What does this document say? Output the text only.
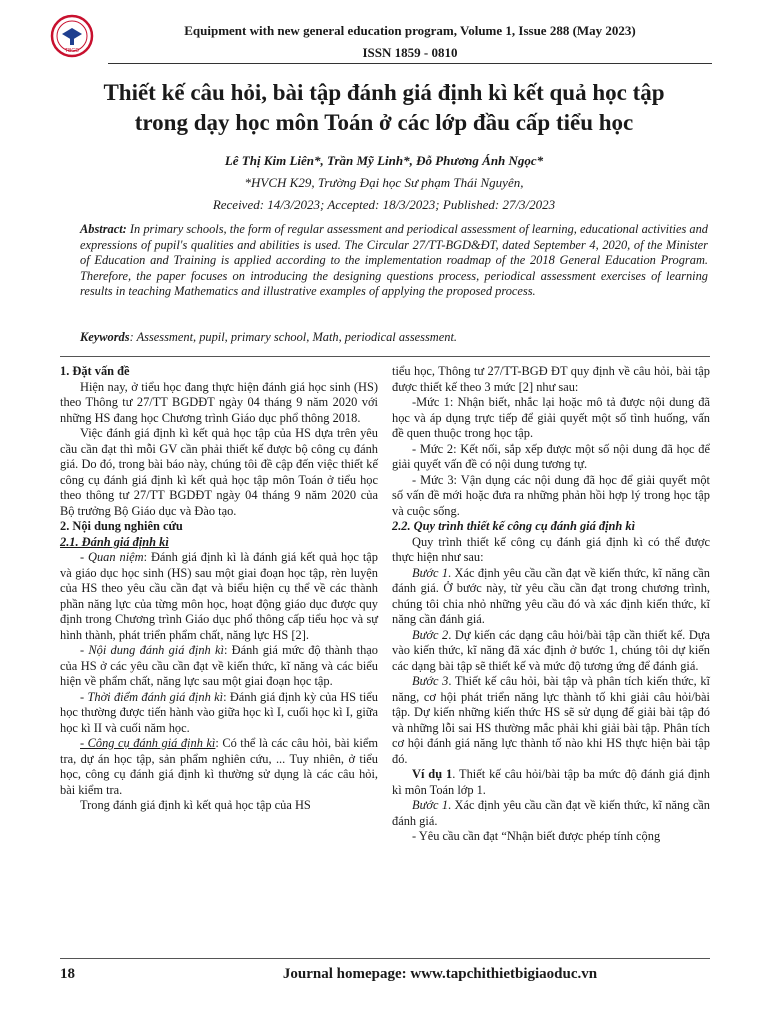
TBGD
Equipment with new general education program, Volume 1, Issue 288 (May 2023)
ISSN 1859 - 0810
Thiết kế câu hỏi, bài tập đánh giá định kì kết quả học tập
trong dạy học môn Toán ở các lớp đầu cấp tiểu học
Lê Thị Kim Liên*, Trần Mỹ Linh*, Đỗ Phương Ánh Ngọc*
*HVCH K29, Trường Đại học Sư phạm Thái Nguyên,
Received: 14/3/2023; Accepted: 18/3/2023; Published: 27/3/2023

Abstract: In primary schools, the form of regular assessment and periodical assessment of learning, educational activities and expressions of pupil's qualities and abilities is used. The Circular 27/TT-BGD&ĐT, dated September 4, 2020, of the Minister of Education and Training is applied according to the implementation roadmap of the 2018 General Education Program. Therefore, the paper focuses on introducing the designing questions process, periodical assessment exercises of learning results in teaching Mathematics and illustrative examples of applying the proposed process.

Keywords: Assessment, pupil, primary school, Math, periodical assessment.

1. Đặt vấn đề

Hiện nay, ở tiểu học đang thực hiện đánh giá học sinh (HS) theo Thông tư 27/TT BGDĐT ngày 04 tháng 9 năm 2020 với những HS đang học Chương trình Giáo dục phổ thông 2018.

Việc đánh giá định kì kết quả học tập của HS dựa trên yêu cầu cần đạt thì mỗi GV cần phải thiết kế được bộ công cụ đánh giá. Do đó, trong bài báo này, chúng tôi đề cập đến việc thiết kế công cụ đánh giá định kì kết quả học tập môn Toán ở tiểu học theo thông tư 27/TT BGDĐT ngày 04 tháng 9 năm 2020 của Bộ trưởng Bộ Giáo dục và Đào tạo.

2. Nội dung nghiên cứu

2.1. Đánh giá định kì

- Quan niệm: Đánh giá định kì là đánh giá kết quả học tập và giáo dục học sinh (HS) sau một giai đoạn học tập, rèn luyện của HS theo yêu cầu cần đạt và biểu hiện cụ thể về các thành phần năng lực của từng môn học, hoạt động giáo dục được quy định trong Chương trình Giáo dục phổ thông cấp tiểu học và sự hình thành, phát triển phẩm chất, năng lực HS [2].

- Nội dung đánh giá định kì: Đánh giá mức độ thành thạo của HS ở các yêu cầu cần đạt về kiến thức, kĩ năng và các biểu hiện về phẩm chất, năng lực sau một giai đoạn học tập.

- Thời điểm đánh giá định kì: Đánh giá định kỳ của HS tiểu học thường được tiến hành vào giữa học kì I, cuối học kì I, giữa học kì II và cuối năm học.

- Công cụ đánh giá định kì: Có thể là các câu hỏi, bài kiểm tra, dự án học tập, sản phẩm nghiên cứu, ... Tuy nhiên, ở tiểu học, công cụ đánh giá định kì thường sử dụng là các câu hỏi, bài kiểm tra.

Trong đánh giá định kì kết quả học tập của HS

tiểu học, Thông tư 27/TT-BGĐ ĐT quy định về câu hỏi, bài tập được thiết kế theo 3 mức [2] như sau:

-Mức 1: Nhận biết, nhắc lại hoặc mô tả được nội dung đã học và áp dụng trực tiếp để giải quyết một số tình huống, vấn đề quen thuộc trong học tập.

- Mức 2: Kết nối, sắp xếp được một số nội dung đã học để giải quyết vấn đề có nội dung tương tự.

- Mức 3: Vận dụng các nội dung đã học để giải quyết một số vấn đề mới hoặc đưa ra những phản hồi hợp lý trong học tập và cuộc sống.

2.2. Quy trình thiết kế công cụ đánh giá định kì

Quy trình thiết kế công cụ đánh giá định kì có thể được thực hiện như sau:

Bước 1. Xác định yêu cầu cần đạt về kiến thức, kĩ năng cần đánh giá. Ở bước này, từ yêu cầu cần đạt trong chương trình, chúng tôi chia nhỏ những yêu cầu đó và xác định kiến thức, kĩ năng cần đánh giá.

Bước 2. Dự kiến các dạng câu hỏi/bài tập cần thiết kế. Dựa vào kiến thức, kĩ năng đã xác định ở bước 1, chúng tôi dự kiến các dạng bài tập sẽ thiết kế và mức độ tương ứng để đánh giá.

Bước 3. Thiết kế câu hỏi, bài tập và phân tích kiến thức, kĩ năng, cơ hội phát triển năng lực thành tố khi giải câu hỏi/bài tập. Dự kiến những kiến thức HS sẽ sử dụng để giải bài tập đó và những lỗi sai HS thường mắc phải khi giải bài tập. Phân tích cơ hội đánh giá năng lực thành tố nào khi HS thực hiện bài tập đó.

Ví dụ 1. Thiết kế câu hỏi/bài tập ba mức độ đánh giá định kì môn Toán lớp 1.

Bước 1. Xác định yêu cầu cần đạt về kiến thức, kĩ năng cần đánh giá.

- Yêu cầu cần đạt “Nhận biết được phép tính cộng

18	Journal homepage: www.tapchithietbigiaoduc.vn
